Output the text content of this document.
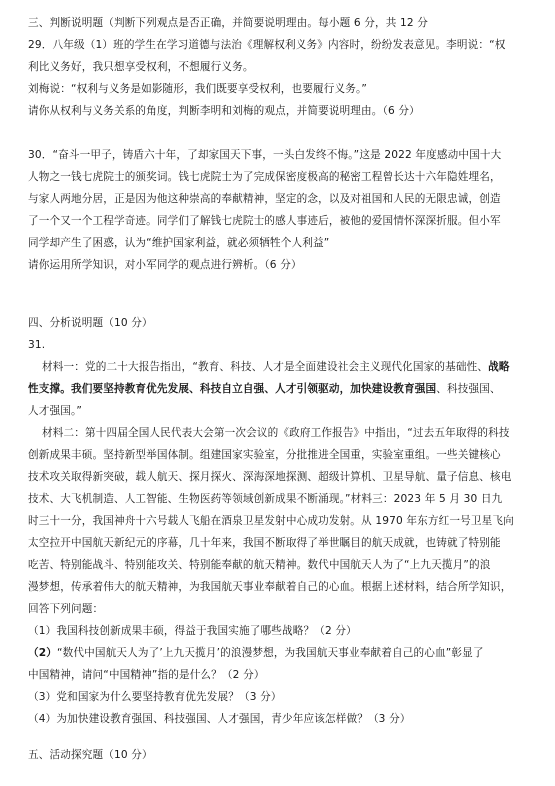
三、判断说明题（判断下列观点是否正确，并简要说明理由。每小题 6 分，共 12 分
29．八年级（1）班的学生在学习道德与法治《理解权利义务》内容时，纷纷发表意见。李明说：“权
利比义务好，我只想享受权利，不想履行义务。
刘梅说：“权利与义务是如影随形，我们既要享受权利，也要履行义务。”
请你从权利与义务关系的角度，判断李明和刘梅的观点，并简要说明理由。（6 分）
30．“奋斗一甲子，铸盾六十年，了却家国天下事，一头白发终不悔。”这是 2022 年度感动中国十大
人物之一钱七虎院士的颁奖词。钱七虎院士为了完成保密度极高的秘密工程曾长达十六年隐姓埋名，
与家人两地分居，正是因为他这种崇高的奉献精神，坚定的念，以及对祖国和人民的无限忠诚，创造
了一个又一个工程学奇迹。同学们了解钱七虎院士的感人事迹后，被他的爱国情怀深深折服。但小军
同学却产生了困惑，认为“维护国家利益，就必须牺牲个人利益”
请你运用所学知识，对小军同学的观点进行辨析。（6 分）
四、分析说明题（10 分）
31.
材料一：党的二十大报告指出，“教育、科技、人才是全面建设社会主义现代化国家的基础性、战略
性支撑。我们要坚持教育优先发展、科技自立自强、人才引领驱动，加快建设教育强国、科技强国、
人才强国。”
材料二：第十四届全国人民代表大会第一次会议的《政府工作报告》中指出，“过去五年取得的科技
创新成果丰硕。坚持新型举国体制。组建国家实验室，分批推进全国重，实验室重组。一些关键核心
技术攻关取得新突破，载人航天、探月探火、深海深地探测、超级计算机、卫星导航、量子信息、核电
技术、大飞机制造、人工智能、生物医药等领域创新成果不断涌现。”材料三：2023 年 5 月 30 日九
时三十一分，我国神舟十六号载人飞船在酒泉卫星发射中心成功发射。从 1970 年东方红一号卫星飞向
太空拉开中国航天新纪元的序幕，几十年来，我国不断取得了举世瞩目的航天成就，也铸就了特别能
吃苦、特别能战斗、特别能攻关、特别能奉献的航天精神。数代中国航天人为了“上九天揽月”的浪
漫梦想，传承着伟大的航天精神，为我国航天事业奉献着自己的心血。根据上述材料，结合所学知识，
回答下列问题：
（1）我国科技创新成果丰硕，得益于我国实施了哪些战略？（2 分）
（2）“数代中国航天人为了’上九天揽月’的浪漫梦想，为我国航天事业奉献着自己的心血”彰显了
中国精神，请问“中国精神”指的是什么？（2 分）
（3）党和国家为什么要坚持教育优先发展？（3 分）
（4）为加快建设教育强国、科技强国、人才强国，青少年应该怎样做？（3 分）
五、活动探究题（10 分）
